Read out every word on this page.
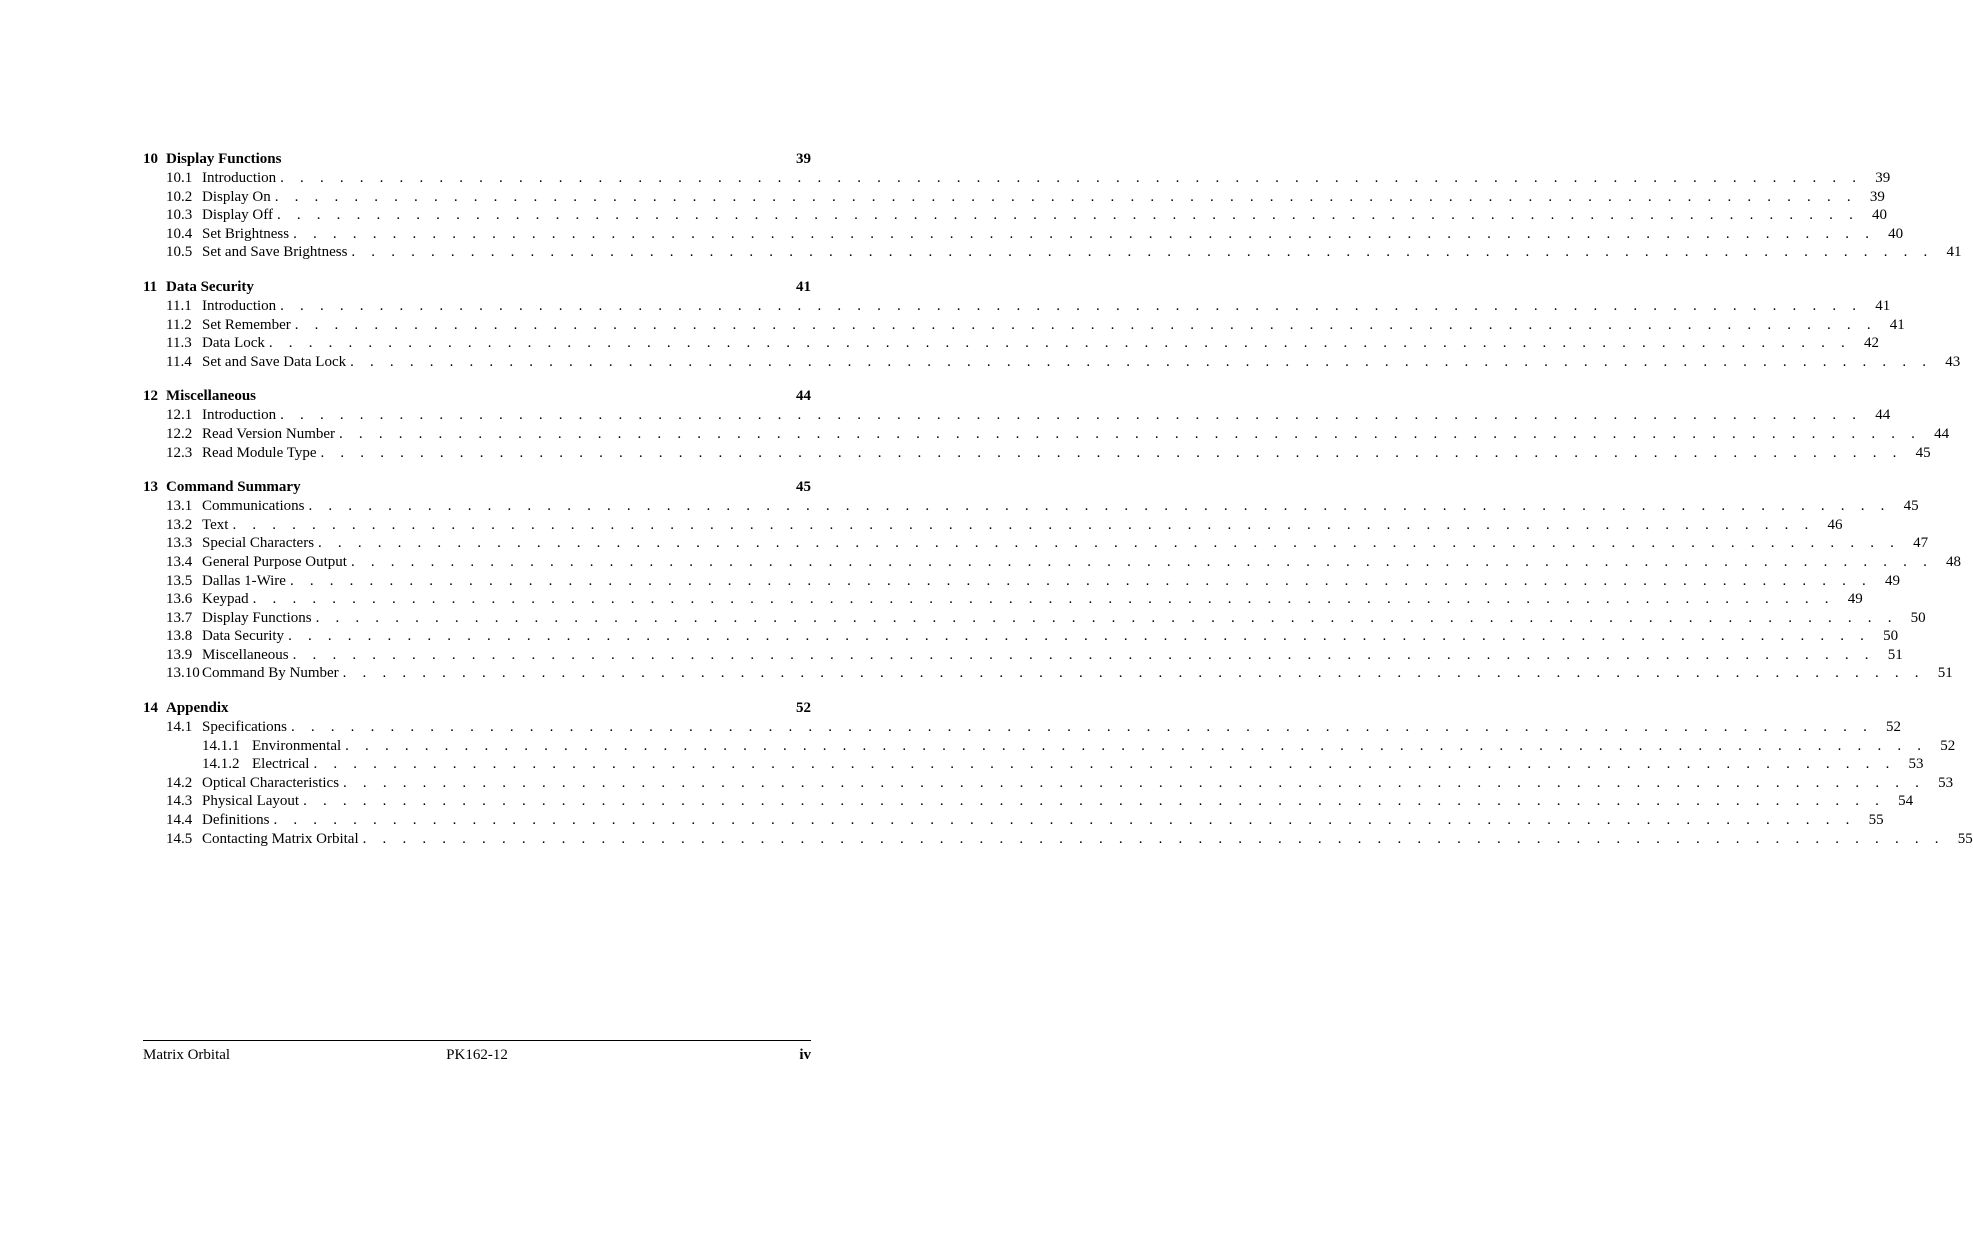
10 Display Functions	39
10.1 Introduction . . . . . . . . . . . . . . . . . . . . . . . . . . . . . . . . . . . . . . . . . . . . . . . . . . . . . . . . . . . . . . . . . . . . . . . . . . . . . . . . 39
10.2 Display On . . . . . . . . . . . . . . . . . . . . . . . . . . . . . . . . . . . . . . . . . . . . . . . . . . . . . . . . . . . . . . . . . . . . . . . . . . . . . . . . 39
10.3 Display Off . . . . . . . . . . . . . . . . . . . . . . . . . . . . . . . . . . . . . . . . . . . . . . . . . . . . . . . . . . . . . . . . . . . . . . . . . . . . . . . . 40
10.4 Set Brightness . . . . . . . . . . . . . . . . . . . . . . . . . . . . . . . . . . . . . . . . . . . . . . . . . . . . . . . . . . . . . . . . . . . . . . . . . . . . . . . . 40
10.5 Set and Save Brightness . . . . . . . . . . . . . . . . . . . . . . . . . . . . . . . . . . . . . . . . . . . . . . . . . . . . . . . . . . . . . . . . . . . . . . . . . . . . . . . . 41
11 Data Security	41
11.1 Introduction . . . . . . . . . . . . . . . . . . . . . . . . . . . . . . . . . . . . . . . . . . . . . . . . . . . . . . . . . . . . . . . . . . . . . . . . . . . . . . . . 41
11.2 Set Remember . . . . . . . . . . . . . . . . . . . . . . . . . . . . . . . . . . . . . . . . . . . . . . . . . . . . . . . . . . . . . . . . . . . . . . . . . . . . . . . . 41
11.3 Data Lock . . . . . . . . . . . . . . . . . . . . . . . . . . . . . . . . . . . . . . . . . . . . . . . . . . . . . . . . . . . . . . . . . . . . . . . . . . . . . . . . 42
11.4 Set and Save Data Lock . . . . . . . . . . . . . . . . . . . . . . . . . . . . . . . . . . . . . . . . . . . . . . . . . . . . . . . . . . . . . . . . . . . . . . . . . . . . . . . . 43
12 Miscellaneous	44
12.1 Introduction . . . . . . . . . . . . . . . . . . . . . . . . . . . . . . . . . . . . . . . . . . . . . . . . . . . . . . . . . . . . . . . . . . . . . . . . . . . . . . . . 44
12.2 Read Version Number . . . . . . . . . . . . . . . . . . . . . . . . . . . . . . . . . . . . . . . . . . . . . . . . . . . . . . . . . . . . . . . . . . . . . . . . . . . . . . . . 44
12.3 Read Module Type . . . . . . . . . . . . . . . . . . . . . . . . . . . . . . . . . . . . . . . . . . . . . . . . . . . . . . . . . . . . . . . . . . . . . . . . . . . . . . . . 45
13 Command Summary	45
13.1 Communications . . . . . . . . . . . . . . . . . . . . . . . . . . . . . . . . . . . . . . . . . . . . . . . . . . . . . . . . . . . . . . . . . . . . . . . . . . . . . . . . 45
13.2 Text . . . . . . . . . . . . . . . . . . . . . . . . . . . . . . . . . . . . . . . . . . . . . . . . . . . . . . . . . . . . . . . . . . . . . . . . . . . . . . . . 46
13.3 Special Characters . . . . . . . . . . . . . . . . . . . . . . . . . . . . . . . . . . . . . . . . . . . . . . . . . . . . . . . . . . . . . . . . . . . . . . . . . . . . . . . . 47
13.4 General Purpose Output . . . . . . . . . . . . . . . . . . . . . . . . . . . . . . . . . . . . . . . . . . . . . . . . . . . . . . . . . . . . . . . . . . . . . . . . . . . . . . . . 48
13.5 Dallas 1-Wire . . . . . . . . . . . . . . . . . . . . . . . . . . . . . . . . . . . . . . . . . . . . . . . . . . . . . . . . . . . . . . . . . . . . . . . . . . . . . . . . 49
13.6 Keypad . . . . . . . . . . . . . . . . . . . . . . . . . . . . . . . . . . . . . . . . . . . . . . . . . . . . . . . . . . . . . . . . . . . . . . . . . . . . . . . . 49
13.7 Display Functions . . . . . . . . . . . . . . . . . . . . . . . . . . . . . . . . . . . . . . . . . . . . . . . . . . . . . . . . . . . . . . . . . . . . . . . . . . . . . . . . 50
13.8 Data Security . . . . . . . . . . . . . . . . . . . . . . . . . . . . . . . . . . . . . . . . . . . . . . . . . . . . . . . . . . . . . . . . . . . . . . . . . . . . . . . . 50
13.9 Miscellaneous . . . . . . . . . . . . . . . . . . . . . . . . . . . . . . . . . . . . . . . . . . . . . . . . . . . . . . . . . . . . . . . . . . . . . . . . . . . . . . . . 51
13.10 Command By Number . . . . . . . . . . . . . . . . . . . . . . . . . . . . . . . . . . . . . . . . . . . . . . . . . . . . . . . . . . . . . . . . . . . . . . . . . . . . . . . . 51
14 Appendix	52
14.1 Specifications . . . . . . . . . . . . . . . . . . . . . . . . . . . . . . . . . . . . . . . . . . . . . . . . . . . . . . . . . . . . . . . . . . . . . . . . . . . . . . . . 52
14.1.1 Environmental . . . . . . . . . . . . . . . . . . . . . . . . . . . . . . . . . . . . . . . . . . . . . . . . . . . . . . . . . . . . . . . . . . . . . . . . . . . . . . . . 52
14.1.2 Electrical . . . . . . . . . . . . . . . . . . . . . . . . . . . . . . . . . . . . . . . . . . . . . . . . . . . . . . . . . . . . . . . . . . . . . . . . . . . . . . . . 53
14.2 Optical Characteristics . . . . . . . . . . . . . . . . . . . . . . . . . . . . . . . . . . . . . . . . . . . . . . . . . . . . . . . . . . . . . . . . . . . . . . . . . . . . . . . . 53
14.3 Physical Layout . . . . . . . . . . . . . . . . . . . . . . . . . . . . . . . . . . . . . . . . . . . . . . . . . . . . . . . . . . . . . . . . . . . . . . . . . . . . . . . . 54
14.4 Definitions . . . . . . . . . . . . . . . . . . . . . . . . . . . . . . . . . . . . . . . . . . . . . . . . . . . . . . . . . . . . . . . . . . . . . . . . . . . . . . . . 55
14.5 Contacting Matrix Orbital . . . . . . . . . . . . . . . . . . . . . . . . . . . . . . . . . . . . . . . . . . . . . . . . . . . . . . . . . . . . . . . . . . . . . . . . . . . . . . . . 55
Matrix Orbital	PK162-12	iv
